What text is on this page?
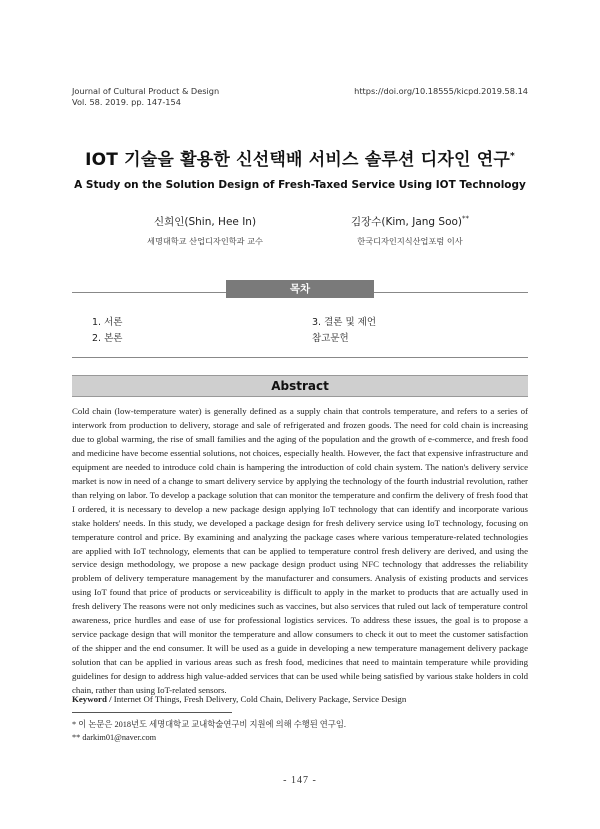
Journal of Cultural Product & Design
Vol. 58. 2019. pp. 147-154
https://doi.org/10.18555/kicpd.2019.58.14
IOT 기술을 활용한 신선택배 서비스 솔루션 디자인 연구*
A Study on the Solution Design of Fresh-Taxed Service Using IOT Technology
신희인(Shin, Hee In)
세명대학교 산업디자인학과 교수
김장수(Kim, Jang Soo)**
한국디자인지식산업포럼 이사
목차
1. 서론
2. 본론
3. 결론 및 제언
참고문헌
Abstract
Cold chain (low-temperature water) is generally defined as a supply chain that controls temperature, and refers to a series of interwork from production to delivery, storage and sale of refrigerated and frozen goods. The need for cold chain is increasing due to global warming, the rise of small families and the aging of the population and the growth of e-commerce, and fresh food and medicine have become essential solutions, not choices, especially health. However, the fact that expensive infrastructure and equipment are needed to introduce cold chain is hampering the introduction of cold chain system. The nation's delivery service market is now in need of a change to smart delivery service by applying the technology of the fourth industrial revolution, rather than relying on labor. To develop a package solution that can monitor the temperature and confirm the delivery of fresh food that I ordered, it is necessary to develop a new package design applying IoT technology that can identify and incorporate various stake holders' needs. In this study, we developed a package design for fresh delivery service using IoT technology, focusing on temperature control and price. By examining and analyzing the package cases where various temperature-related technologies are applied with IoT technology, elements that can be applied to temperature control fresh delivery are derived, and using the service design methodology, we propose a new package design product using NFC technology that addresses the reliability problem of delivery temperature management by the manufacturer and consumers. Analysis of existing products and services using IoT found that price of products or serviceability is difficult to apply in the market to products that are actually used in fresh delivery The reasons were not only medicines such as vaccines, but also services that ruled out lack of temperature control awareness, price hurdles and ease of use for professional logistics services. To address these issues, the goal is to propose a service package design that will monitor the temperature and allow consumers to check it out to meet the customer satisfaction of the shipper and the end consumer. It will be used as a guide in developing a new temperature management delivery package solution that can be applied in various areas such as fresh food, medicines that need to maintain temperature while providing guidelines for design to address high value-added services that can be used while being satisfied by various stake holders in cold chain, rather than using IoT-related sensors.
Keyword / Internet Of Things, Fresh Delivery, Cold Chain, Delivery Package, Service Design
* 이 논문은 2018년도 세명대학교 교내학술연구비 지원에 의해 수행된 연구임.
** darkim01@naver.com
- 147 -
